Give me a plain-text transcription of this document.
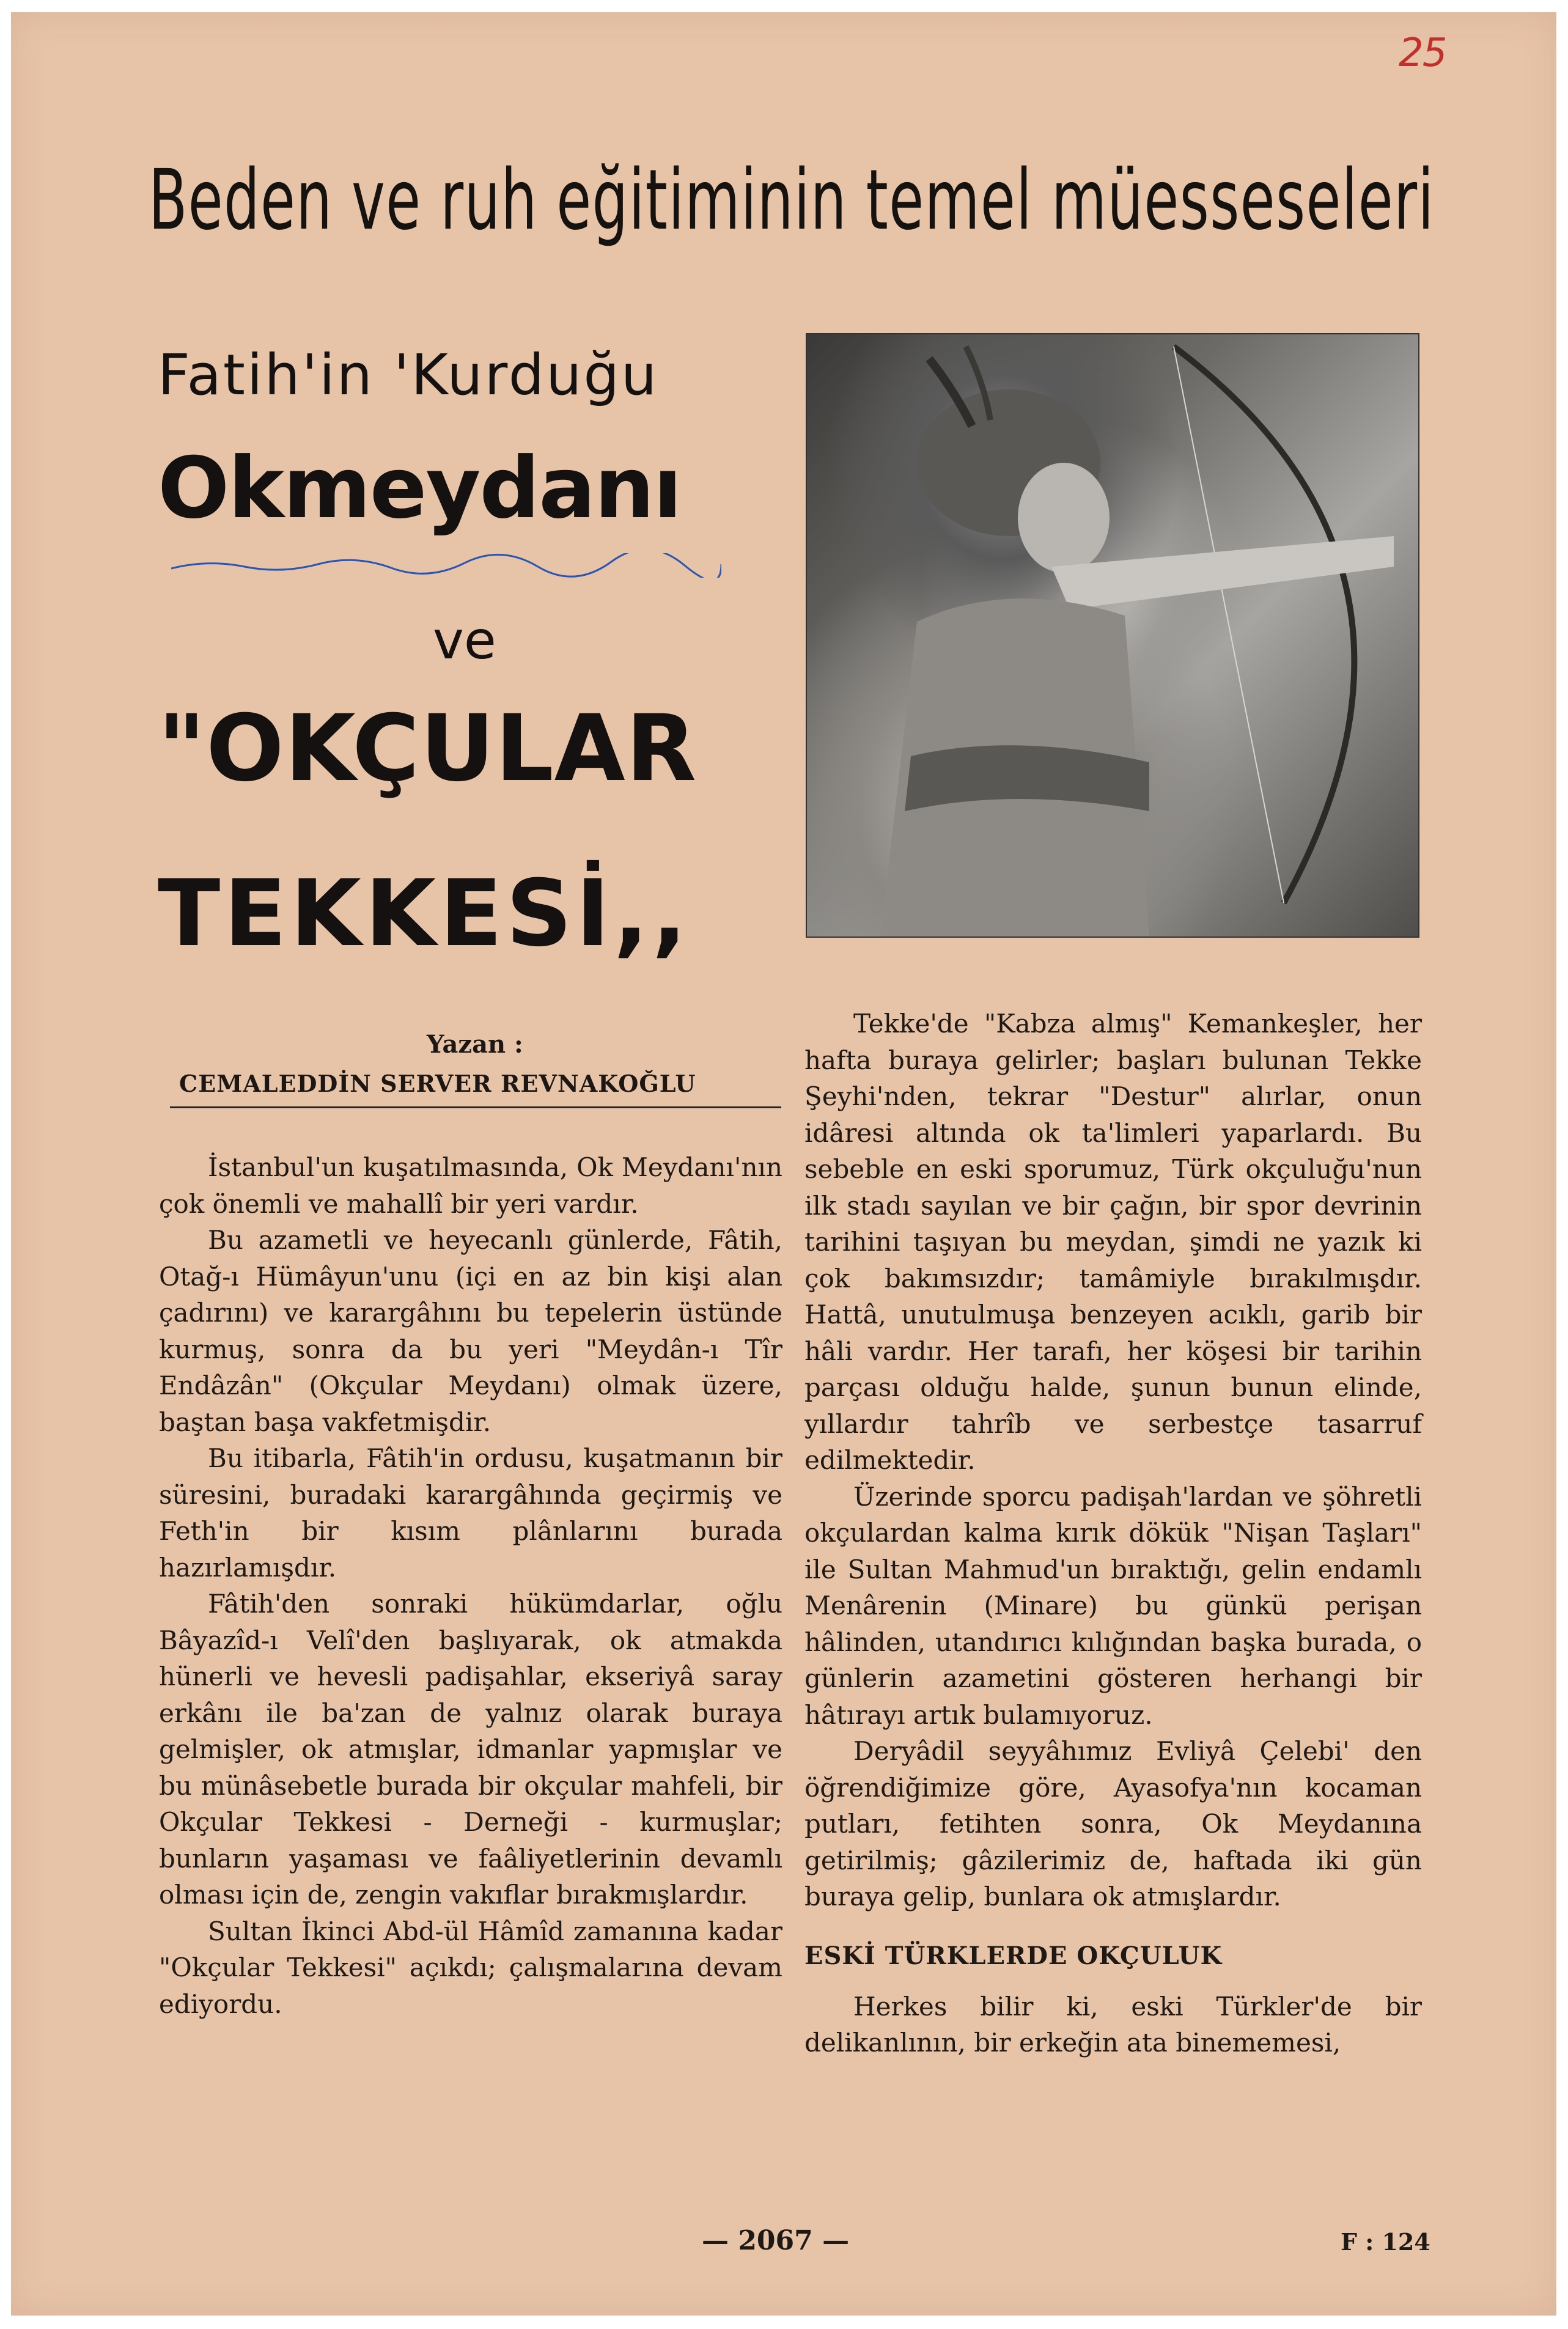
25
Beden ve ruh eğitiminin temel müesseseleri
Fatih'in 'Kurduğu
Okmeydanı
ve
"OKÇULAR
TEKKESİ,,
Yazan :
CEMALEDDİN SERVER REVNAKOĞLU

İstanbul'un kuşatılmasında, Ok Meydanı'nın çok önemli ve mahallî bir yeri vardır.

Bu azametli ve heyecanlı günlerde, Fâtih, Otağ-ı Hümâyun'unu (içi en az bin kişi alan çadırını) ve karargâhını bu tepelerin üstünde kurmuş, sonra da bu yeri "Meydân-ı Tîr Endâzân" (Okçular Meydanı) olmak üzere, baştan başa vakfetmişdir.

Bu itibarla, Fâtih'in ordusu, kuşatmanın bir süresini, buradaki karargâhında geçirmiş ve Feth'in bir kısım plânlarını burada hazırlamışdır.

Fâtih'den sonraki hükümdarlar, oğlu Bâyazîd-ı Velî'den başlıyarak, ok atmakda hünerli ve hevesli padişahlar, ekseriyâ saray erkânı ile ba'zan de yalnız olarak buraya gelmişler, ok atmışlar, idmanlar yapmışlar ve bu münâsebetle burada bir okçular mahfeli, bir Okçular Tekkesi - Derneği - kurmuşlar; bunların yaşaması ve faâliyetlerinin devamlı olması için de, zengin vakıflar bırakmışlardır.

Sultan İkinci Abd-ül Hâmîd zamanına kadar "Okçular Tekkesi" açıkdı; çalışmalarına devam ediyordu.

Tekke'de "Kabza almış" Kemankeşler, her hafta buraya gelirler; başları bulunan Tekke Şeyhi'nden, tekrar "Destur" alırlar, onun idâresi altında ok ta'limleri yaparlardı. Bu sebeble en eski sporumuz, Türk okçuluğu'nun ilk stadı sayılan ve bir çağın, bir spor devrinin tarihini taşıyan bu meydan, şimdi ne yazık ki çok bakımsızdır; tamâmiyle bırakılmışdır. Hattâ, unutulmuşa benzeyen acıklı, garib bir hâli vardır. Her tarafı, her köşesi bir tarihin parçası olduğu halde, şunun bunun elinde, yıllardır tahrîb ve serbestçe tasarruf edilmektedir.

Üzerinde sporcu padişah'lardan ve şöhretli okçulardan kalma kırık dökük "Nişan Taşları" ile Sultan Mahmud'un bıraktığı, gelin endamlı Menârenin (Minare) bu günkü perişan hâlinden, utandırıcı kılığından başka burada, o günlerin azametini gösteren herhangi bir hâtırayı artık bulamıyoruz.

Deryâdil seyyâhımız Evliyâ Çelebi' den öğrendiğimize göre, Ayasofya'nın kocaman putları, fetihten sonra, Ok Meydanına getirilmiş; gâzilerimiz de, haftada iki gün buraya gelip, bunlara ok atmışlardır.

ESKİ TÜRKLERDE OKÇULUK

Herkes bilir ki, eski Türkler'de bir delikanlının, bir erkeğin ata binememesi,

— 2067 —	F : 124
